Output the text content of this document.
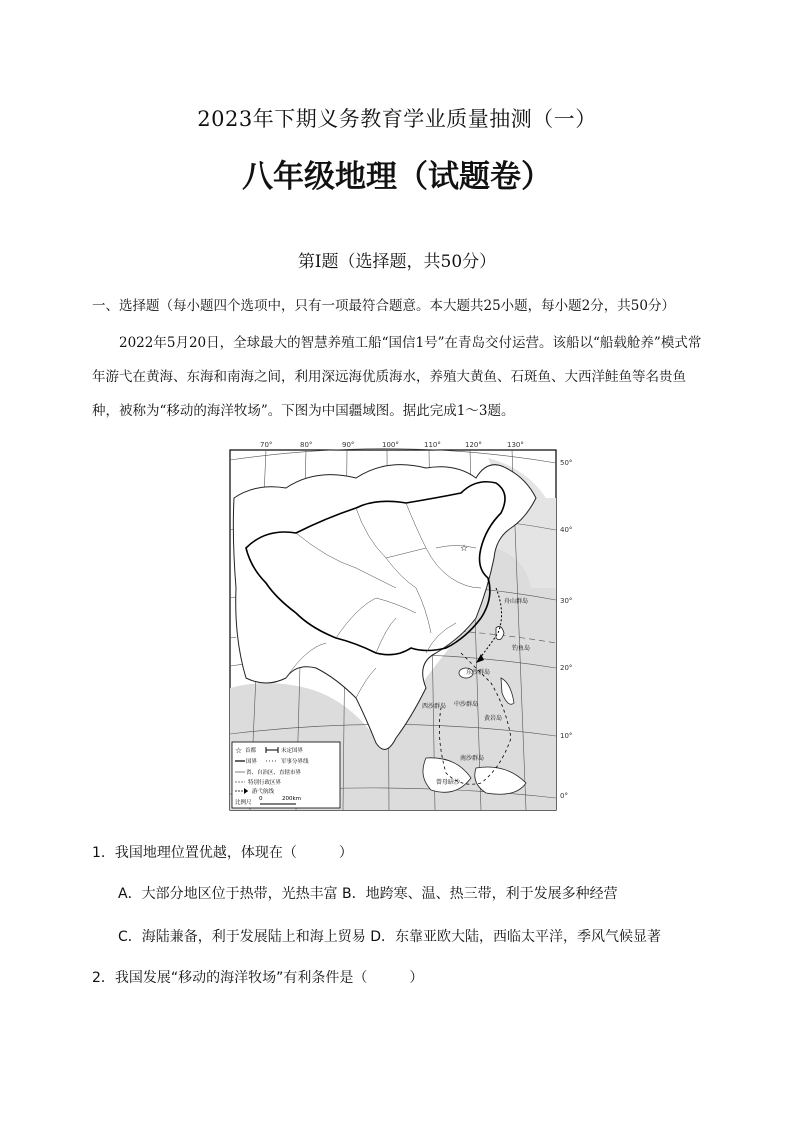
2023年下期义务教育学业质量抽测（一）
八年级地理（试题卷）
第Ⅰ题（选择题，共50分）
一、选择题（每小题四个选项中，只有一项最符合题意。本大题共25小题，每小题2分，共50分）
2022年5月20日，全球最大的智慧养殖工船“国信1号”在青岛交付运营。该船以“船载舱养”模式常年游弋在黄海、东海和南海之间，利用深远海优质海水，养殖大黄鱼、石斑鱼、大西洋鲑鱼等名贵鱼种，被称为“移动的海洋牧场”。下图为中国疆域图。据此完成1～3题。
70°	80°	90°	100°	110°	120°	130°
50°
40°
30°
20°
10°
0°
☆
舟山群岛
东沙群岛
西沙群岛 中沙群岛
钓鱼岛
黄岩岛
南沙群岛
曾母暗沙
☆ 首都	未定国界
国界	军事分界线
省、自治区、直辖市界
特别行政区界
游弋航线
比例尺
0	200km
1．我国地理位置优越，体现在（　　　）
A．大部分地区位于热带，光热丰富 B．地跨寒、温、热三带，利于发展多种经营
C．海陆兼备，利于发展陆上和海上贸易 D．东靠亚欧大陆，西临太平洋，季风气候显著
2．我国发展“移动的海洋牧场”有利条件是（　　　）
